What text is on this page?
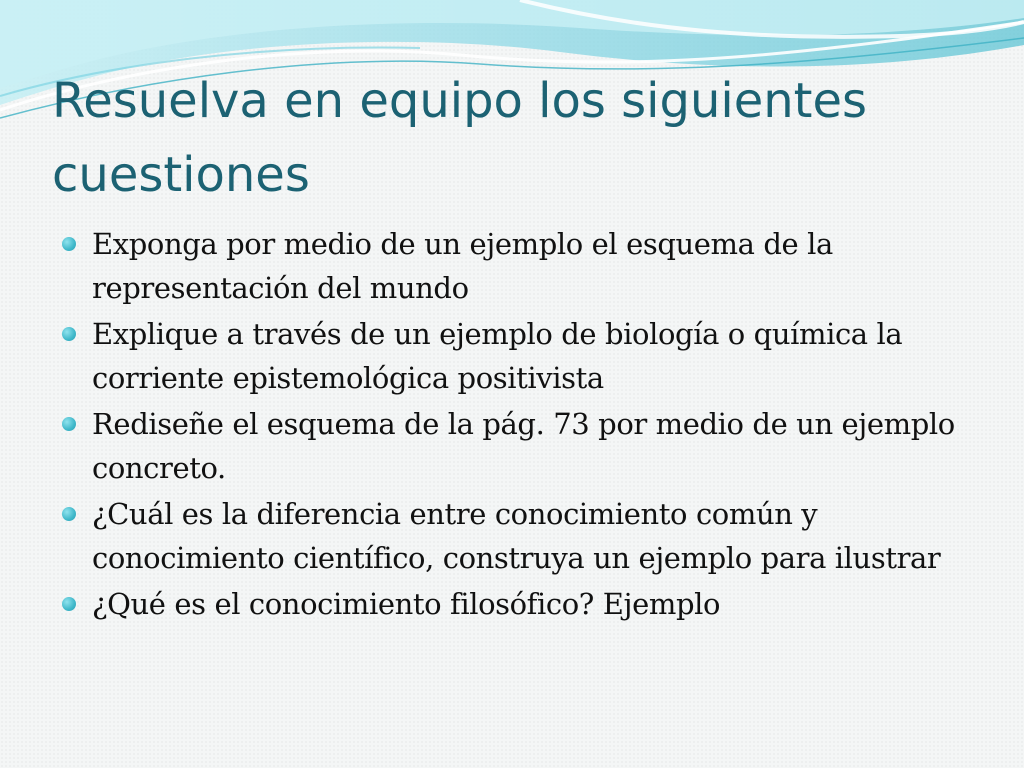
Resuelva en equipo los siguientes cuestiones
Exponga por medio de un ejemplo el esquema de la representación del mundo
Explique a través de un ejemplo de biología o química la corriente epistemológica positivista
Rediseñe el esquema de la pág. 73 por medio de un ejemplo concreto.
¿Cuál es la diferencia entre conocimiento común y conocimiento científico, construya un ejemplo para ilustrar
¿Qué es el conocimiento filosófico? Ejemplo
